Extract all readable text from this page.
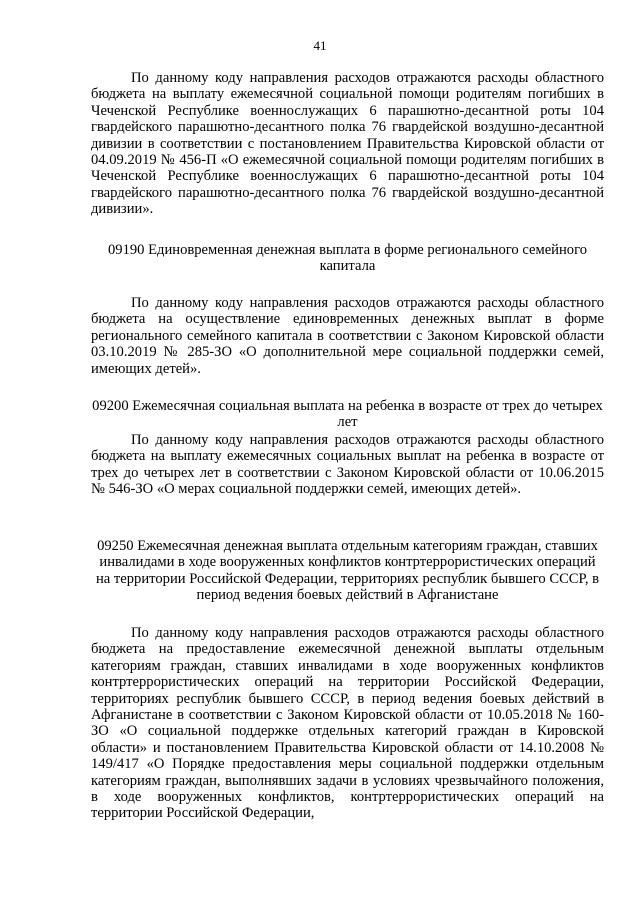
41

По данному коду направления расходов отражаются расходы областного бюджета на выплату ежемесячной социальной помощи родителям погибших в Чеченской Республике военнослужащих 6 парашютно-десантной роты 104 гвардейского парашютно-десантного полка 76 гвардейской воздушно-десантной дивизии в соответствии с постановлением Правительства Кировской области от 04.09.2019 № 456-П «О ежемесячной социальной помощи родителям погибших в Чеченской Республике военнослужащих 6 парашютно-десантной роты 104 гвардейского парашютно-десантного полка 76 гвардейской воздушно-десантной дивизии».

09190 Единовременная денежная выплата в форме регионального семейного капитала

По данному коду направления расходов отражаются расходы областного бюджета на осуществление единовременных денежных выплат в форме регионального семейного капитала в соответствии с Законом Кировской области 03.10.2019 № 285-ЗО «О дополнительной мере социальной поддержки семей, имеющих детей».

09200 Ежемесячная социальная выплата на ребенка в возрасте от трех до четырех лет

По данному коду направления расходов отражаются расходы областного бюджета на выплату ежемесячных социальных выплат на ребенка в возрасте от трех до четырех лет в соответствии с Законом Кировской области от 10.06.2015 № 546-ЗО «О мерах социальной поддержки семей, имеющих детей».

09250 Ежемесячная денежная выплата отдельным категориям граждан, ставших инвалидами в ходе вооруженных конфликтов контртеррористических операций на территории Российской Федерации, территориях республик бывшего СССР, в период ведения боевых действий в Афганистане

По данному коду направления расходов отражаются расходы областного бюджета на предоставление ежемесячной денежной выплаты отдельным категориям граждан, ставших инвалидами в ходе вооруженных конфликтов контртеррористических операций на территории Российской Федерации, территориях республик бывшего СССР, в период ведения боевых действий в Афганистане в соответствии с Законом Кировской области от 10.05.2018 № 160-ЗО «О социальной поддержке отдельных категорий граждан в Кировской области» и постановлением Правительства Кировской области от 14.10.2008 № 149/417 «О Порядке предоставления меры социальной поддержки отдельным категориям граждан, выполнявших задачи в условиях чрезвычайного положения, в ходе вооруженных конфликтов, контртеррористических операций на территории Российской Федерации,
